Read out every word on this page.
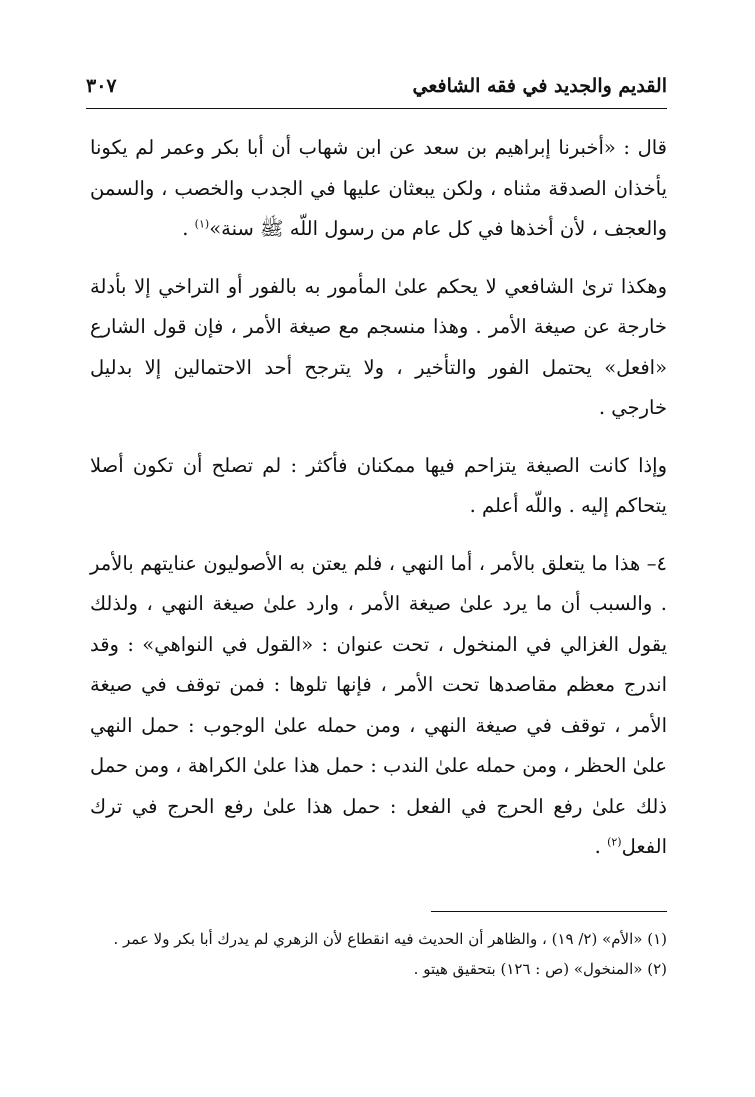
القديم والجديد في فقه الشافعي
٣٠٧

قال : «أخبرنا إبراهيم بن سعد عن ابن شهاب أن أبا بكر وعمر لم يكونا يأخذان الصدقة مثناه ، ولكن يبعثان عليها في الجدب والخصب ، والسمن والعجف ، لأن أخذها في كل عام من رسول اللّه ﷺ سنة»$^{(١)}$ .

وهكذا ترىٰ الشافعي لا يحكم علىٰ المأمور به بالفور أو التراخي إلا بأدلة خارجة عن صيغة الأمر . وهذا منسجم مع صيغة الأمر ، فإن قول الشارع «افعل» يحتمل الفور والتأخير ، ولا يترجح أحد الاحتمالين إلا بدليل خارجي .

وإذا كانت الصيغة يتزاحم فيها ممكنان فأكثر : لم تصلح أن تكون أصلا يتحاكم إليه . واللّه أعلم .

٤– هذا ما يتعلق بالأمر ، أما النهي ، فلم يعتن به الأصوليون عنايتهم بالأمر . والسبب أن ما يرد علىٰ صيغة الأمر ، وارد علىٰ صيغة النهي ، ولذلك يقول الغزالي في المنخول ، تحت عنوان : «القول في النواهي» : وقد اندرج معظم مقاصدها تحت الأمر ، فإنها تلوها : فمن توقف في صيغة الأمر ، توقف في صيغة النهي ، ومن حمله علىٰ الوجوب : حمل النهي علىٰ الحظر ، ومن حمله علىٰ الندب : حمل هذا علىٰ الكراهة ، ومن حمل ذلك علىٰ رفع الحرج في الفعل : حمل هذا علىٰ رفع الحرج في ترك الفعل$^{(٢)}$ .

(١) «الأم» (٢/ ١٩) ، والظاهر أن الحديث فيه انقطاع لأن الزهري لم يدرك أبا بكر ولا عمر .

(٢) «المنخول» (ص : ١٢٦) بتحقيق هيتو .
